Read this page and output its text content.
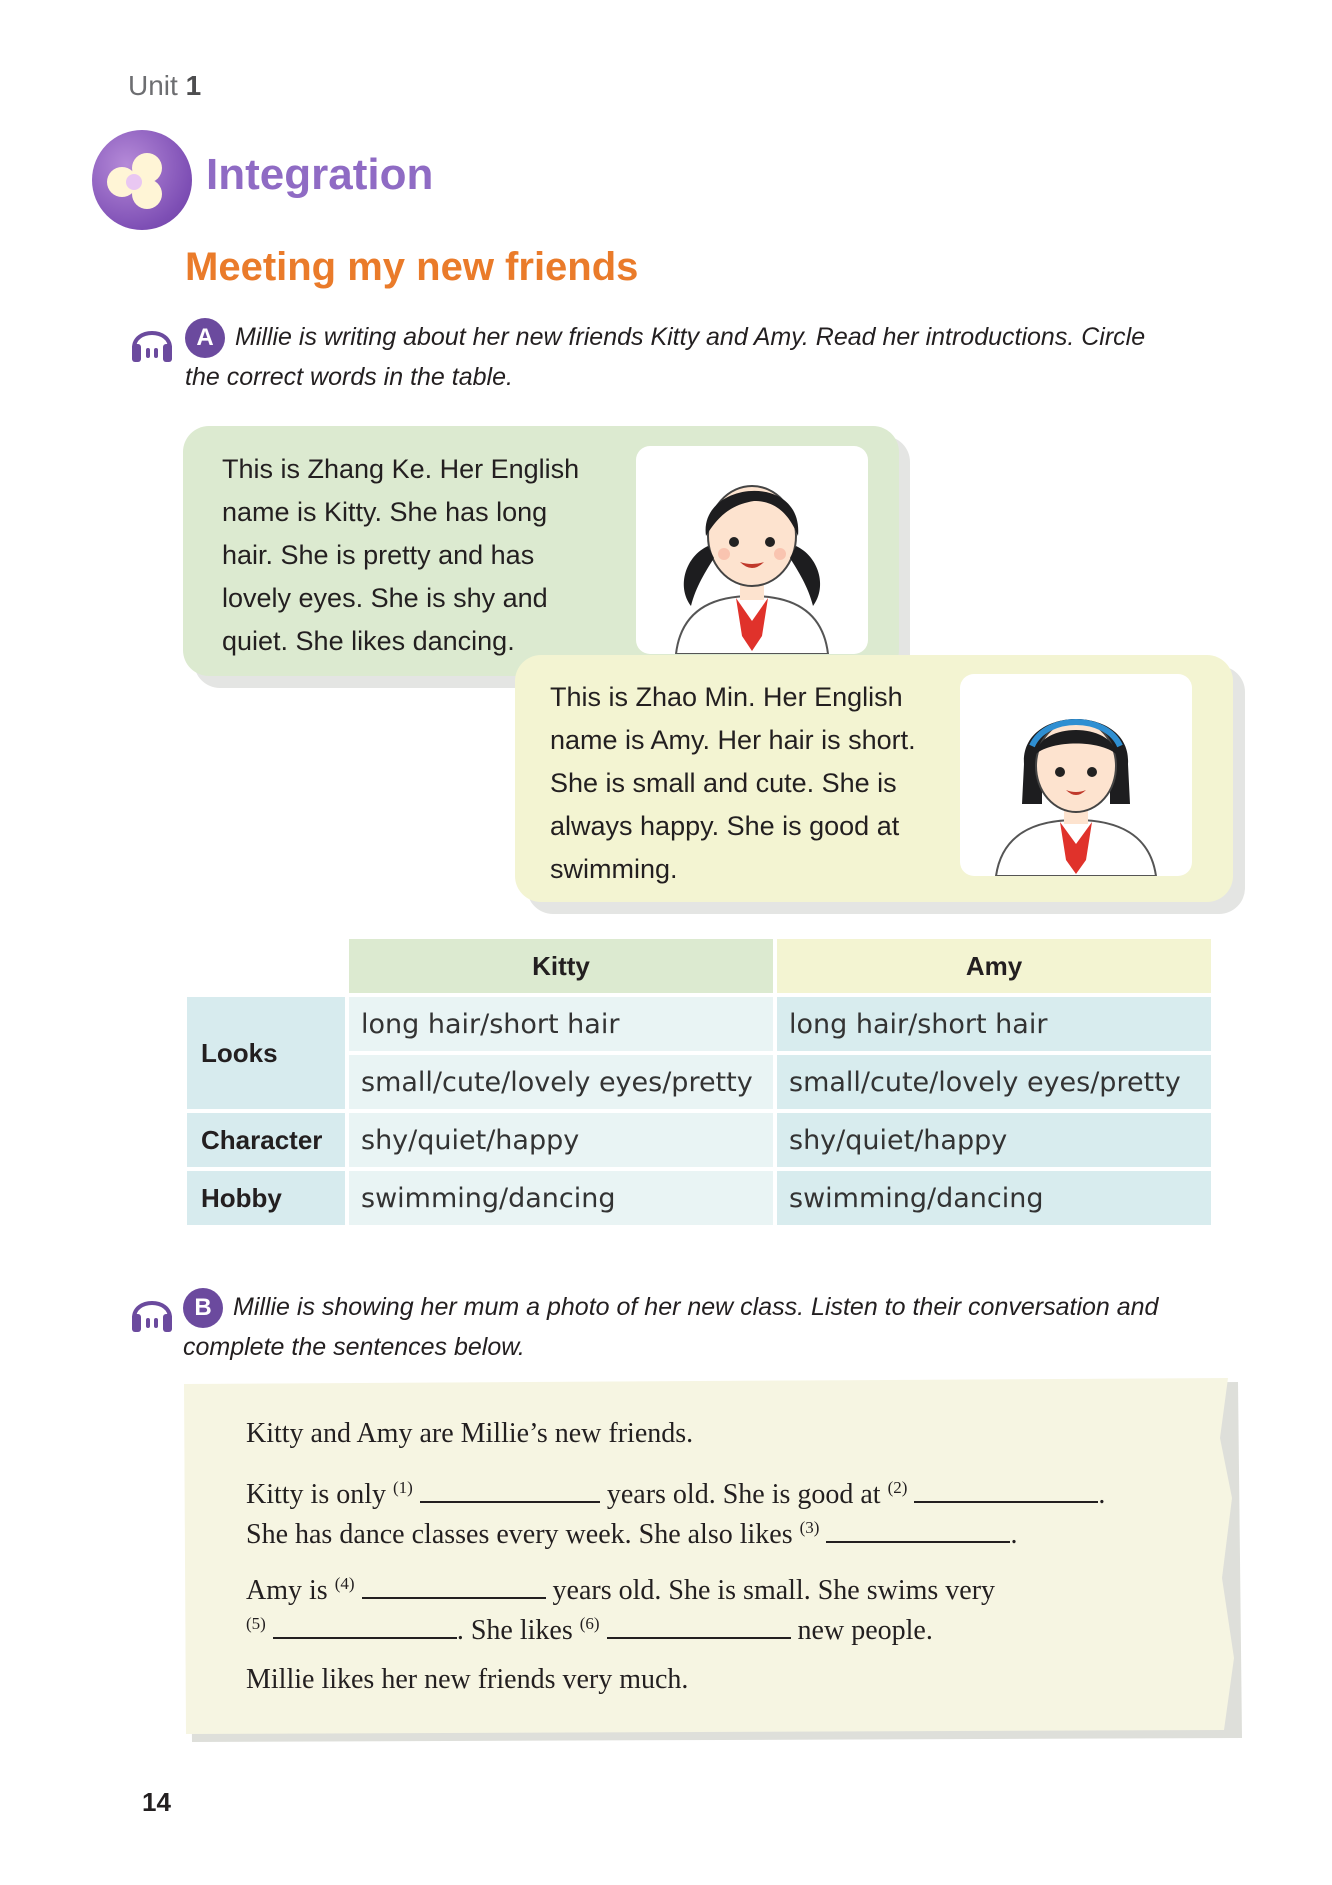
Unit 1
Integration
Meeting my new friends
A Millie is writing about her new friends Kitty and Amy. Read her introductions. Circle
the correct words in the table.
This is Zhang Ke. Her English
name is Kitty. She has long
hair. She is pretty and has
lovely eyes. She is shy and
quiet. She likes dancing.
This is Zhao Min. Her English
name is Amy. Her hair is short.
She is small and cute. She is
always happy. She is good at
swimming.
	Kitty	Amy
Looks	long hair/short hair	long hair/short hair
	small/cute/lovely eyes/pretty	small/cute/lovely eyes/pretty
Character	shy/quiet/happy	shy/quiet/happy
Hobby	swimming/dancing	swimming/dancing
B Millie is showing her mum a photo of her new class. Listen to their conversation and
complete the sentences below.
Kitty and Amy are Millie’s new friends.
Kitty is only $^{(1)}$	years old. She is good at $^{(2)}$	.
She has dance classes every week. She also likes $^{(3)}$	.
Amy is $^{(4)}$	years old. She is small. She swims very
$^{(5)}$	. She likes $^{(6)}$	new people.
Millie likes her new friends very much.
14
